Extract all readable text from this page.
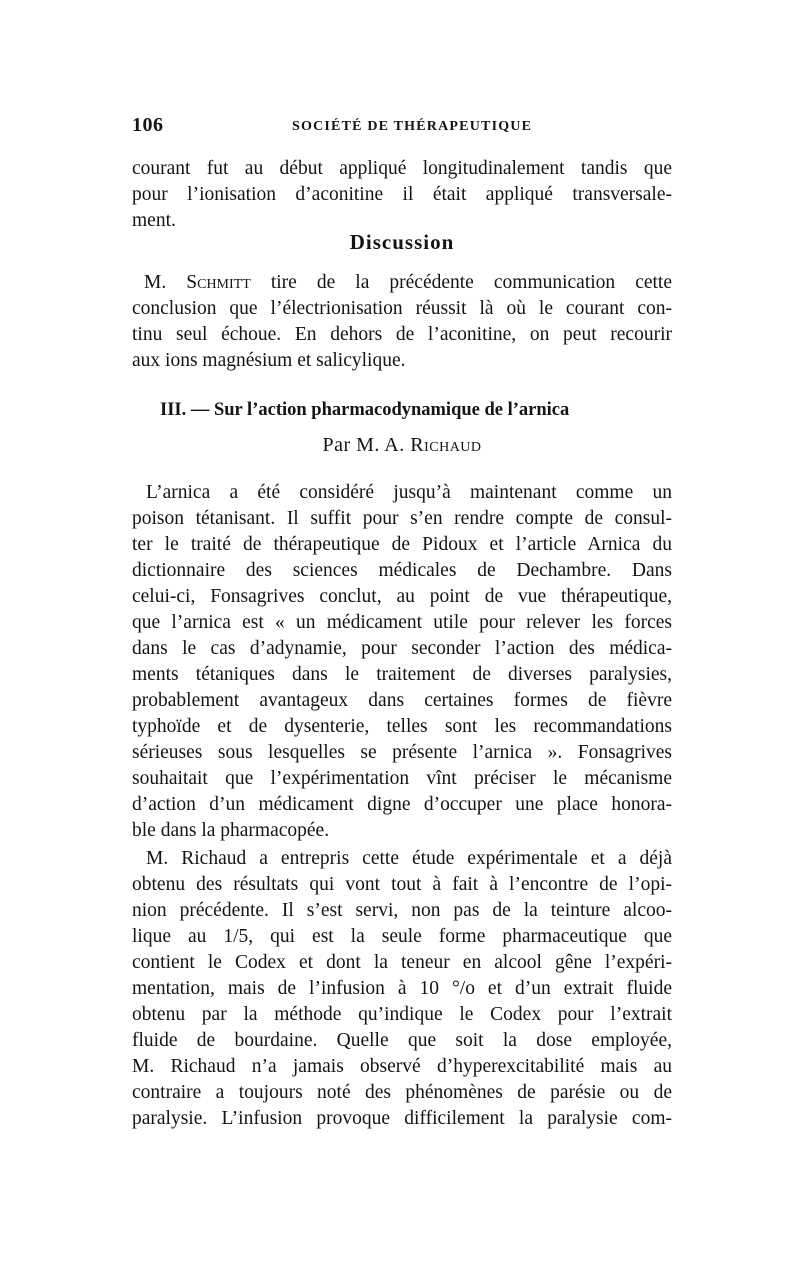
106	SOCIÉTÉ DE THÉRAPEUTIQUE
courant fut au début appliqué longitudinalement tandis que
pour l’ionisation d’aconitine il était appliqué transversale-
ment.
Discussion
M. Schmitt tire de la précédente communication cette
conclusion que l’électrionisation réussit là où le courant con-
tinu seul échoue. En dehors de l’aconitine, on peut recourir
aux ions magnésium et salicylique.
III. — Sur l’action pharmacodynamique de l’arnica
Par M. A. Richaud
L’arnica a été considéré jusqu’à maintenant comme un
poison tétanisant. Il suffit pour s’en rendre compte de consul-
ter le traité de thérapeutique de Pidoux et l’article Arnica du
dictionnaire des sciences médicales de Dechambre. Dans
celui-ci, Fonsagrives conclut, au point de vue thérapeutique,
que l’arnica est « un médicament utile pour relever les forces
dans le cas d’adynamie, pour seconder l’action des médica-
ments tétaniques dans le traitement de diverses paralysies,
probablement avantageux dans certaines formes de fièvre
typhoïde et de dysenterie, telles sont les recommandations
sérieuses sous lesquelles se présente l’arnica ». Fonsagrives
souhaitait que l’expérimentation vînt préciser le mécanisme
d’action d’un médicament digne d’occuper une place honora-
ble dans la pharmacopée.
M. Richaud a entrepris cette étude expérimentale et a déjà
obtenu des résultats qui vont tout à fait à l’encontre de l’opi-
nion précédente. Il s’est servi, non pas de la teinture alcoo-
lique au 1/5, qui est la seule forme pharmaceutique que
contient le Codex et dont la teneur en alcool gêne l’expéri-
mentation, mais de l’infusion à 10 °/o et d’un extrait fluide
obtenu par la méthode qu’indique le Codex pour l’extrait
fluide de bourdaine. Quelle que soit la dose employée,
M. Richaud n’a jamais observé d’hyperexcitabilité mais au
contraire a toujours noté des phénomènes de parésie ou de
paralysie. L’infusion provoque difficilement la paralysie com-
